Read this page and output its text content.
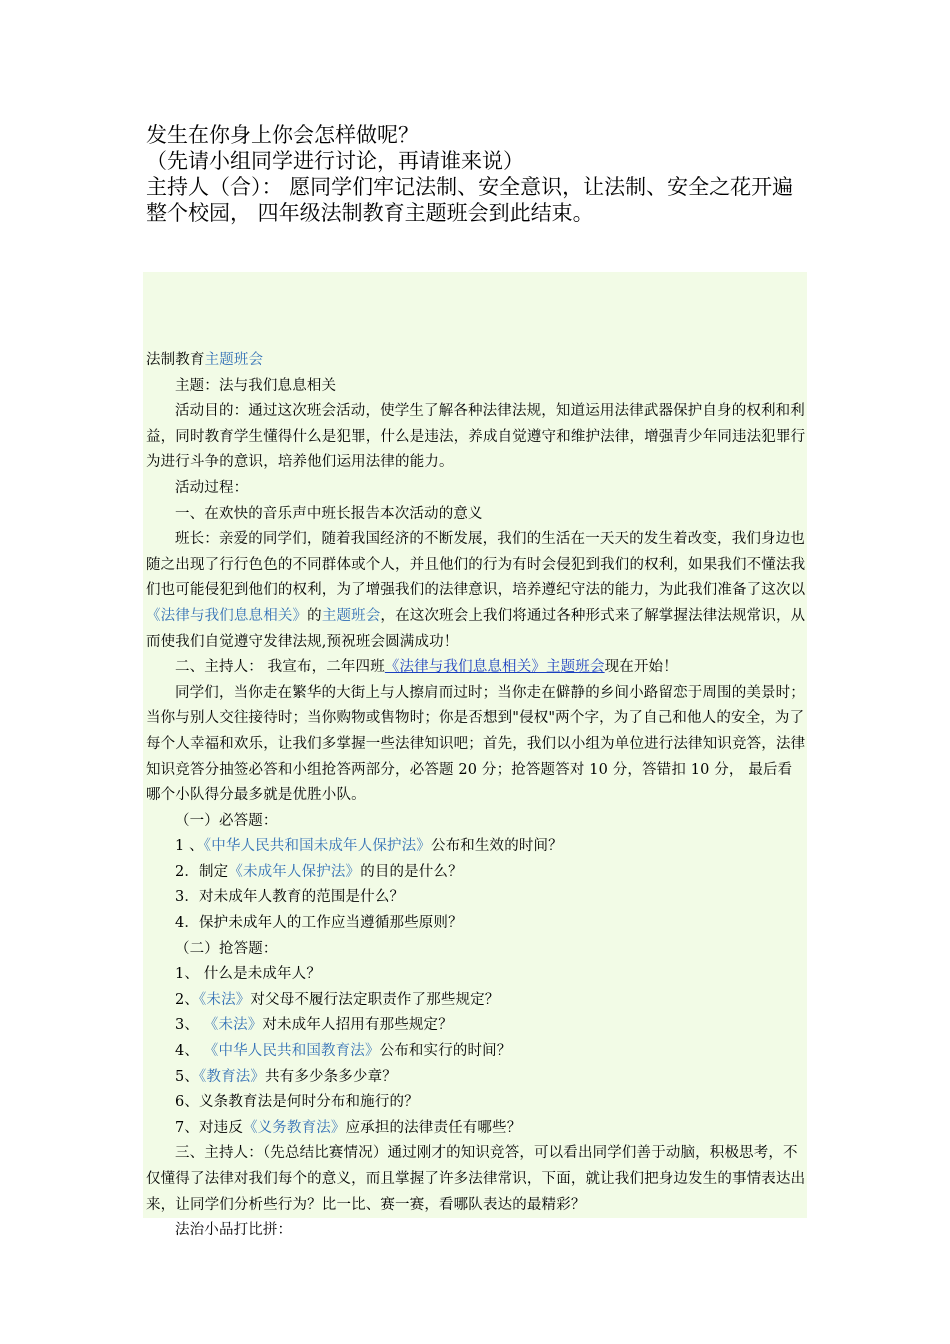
发生在你身上你会怎样做呢？

（先请小组同学进行讨论，再请谁来说）

主持人（合）： 愿同学们牢记法制、安全意识，让法制、安全之花开遍整个校园， 四年级法制教育主题班会到此结束。

法制教育主题班会

主题：法与我们息息相关

活动目的：通过这次班会活动，使学生了解各种法律法规，知道运用法律武器保护自身的权利和利益，同时教育学生懂得什么是犯罪，什么是违法，养成自觉遵守和维护法律，增强青少年同违法犯罪行为进行斗争的意识，培养他们运用法律的能力。

活动过程：

一、在欢快的音乐声中班长报告本次活动的意义

班长：亲爱的同学们，随着我国经济的不断发展，我们的生活在一天天的发生着改变，我们身边也随之出现了行行色色的不同群体或个人，并且他们的行为有时会侵犯到我们的权利，如果我们不懂法我们也可能侵犯到他们的权利，为了增强我们的法律意识，培养遵纪守法的能力，为此我们准备了这次以《法律与我们息息相关》的主题班会，在这次班会上我们将通过各种形式来了解掌握法律法规常识，从而使我们自觉遵守发律法规,预祝班会圆满成功！

二、主持人： 我宣布，二年四班《法律与我们息息相关》主题班会现在开始！

同学们，当你走在繁华的大街上与人擦肩而过时；当你走在僻静的乡间小路留恋于周围的美景时；当你与别人交往接待时；当你购物或售物时；你是否想到"侵权"两个字，为了自己和他人的安全，为了每个人幸福和欢乐，让我们多掌握一些法律知识吧；首先，我们以小组为单位进行法律知识竞答，法律知识竞答分抽签必答和小组抢答两部分，必答题 20 分；抢答题答对 10 分，答错扣 10 分， 最后看哪个小队得分最多就是优胜小队。

（一）必答题：

1 、《中华人民共和国未成年人保护法》公布和生效的时间？

2．制定《未成年人保护法》的目的是什么？

3．对未成年人教育的范围是什么？

4．保护未成年人的工作应当遵循那些原则？

（二）抢答题：

1、 什么是未成年人？

2、《未法》对父母不履行法定职责作了那些规定？

3、 《未法》对未成年人招用有那些规定？

4、 《中华人民共和国教育法》公布和实行的时间？

5、《教育法》共有多少条多少章？

6、义条教育法是何时分布和施行的？

7、对违反《义务教育法》应承担的法律责任有哪些？

三、主持人：（先总结比赛情况）通过刚才的知识竞答，可以看出同学们善于动脑，积极思考，不仅懂得了法律对我们每个的意义，而且掌握了许多法律常识，下面，就让我们把身边发生的事情表达出来，让同学们分析些行为？比一比、赛一赛，看哪队表达的最精彩？

法治小品打比拼：
